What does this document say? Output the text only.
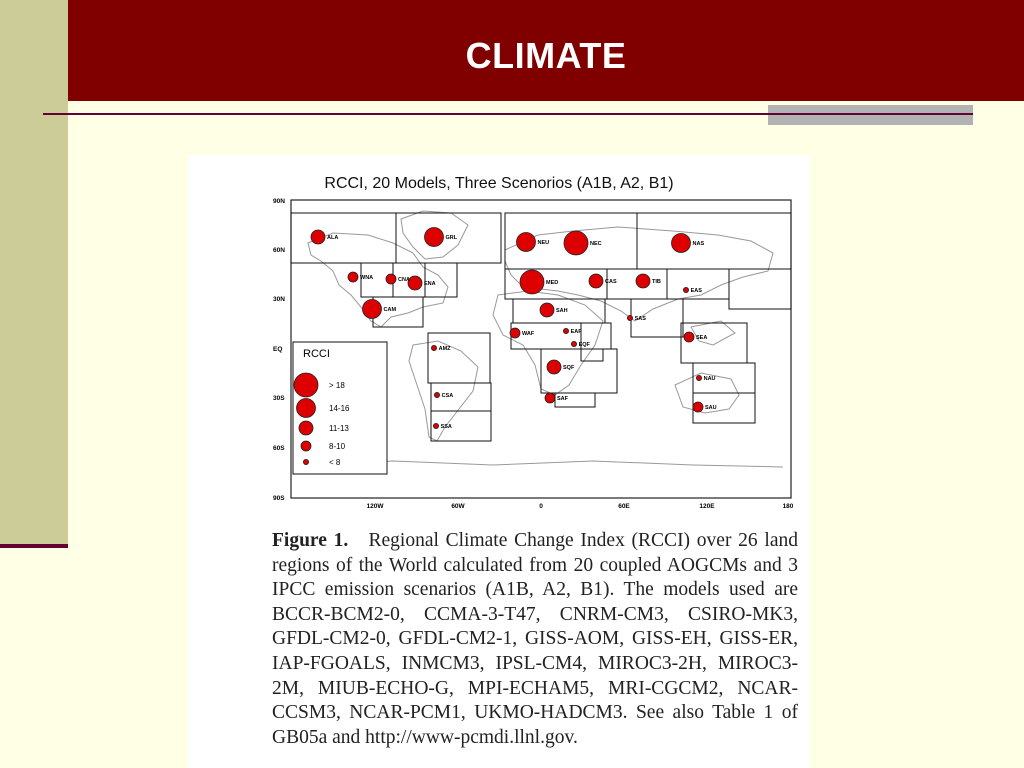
CLIMATE
RCCI, 20 Models, Three Scenorios (A1B, A2, B1)
90N
60N
30N
EQ
30S
60S
90S
120W	60W	0	60E	120E	180
RCCI
> 18
14-16
11-13
8-10
< 8
ALA	GRL
WNA	CNA
ENA
CAM
AMZ
CSA
SSA
NEU	NEC
MED	CAS	TIB
NAS
EAS
SAH
SAS
WAF	EAF
EQF
SQF
SAF
SEA
NAU
SAU

Figure 1. Regional Climate Change Index (RCCI) over 26 land regions of the World calculated from 20 coupled AOGCMs and 3 IPCC emission scenarios (A1B, A2, B1). The models used are BCCR-BCM2-0, CCMA-3-T47, CNRM-CM3, CSIRO-MK3, GFDL-CM2-0, GFDL-CM2-1, GISS-AOM, GISS-EH, GISS-ER, IAP-FGOALS, INMCM3, IPSL-CM4, MIROC3-2H, MIROC3-2M, MIUB-ECHO-G, MPI-ECHAM5, MRI-CGCM2, NCAR-CCSM3, NCAR-PCM1, UKMO-HADCM3. See also Table 1 of GB05a and http://www-pcmdi.llnl.gov.
